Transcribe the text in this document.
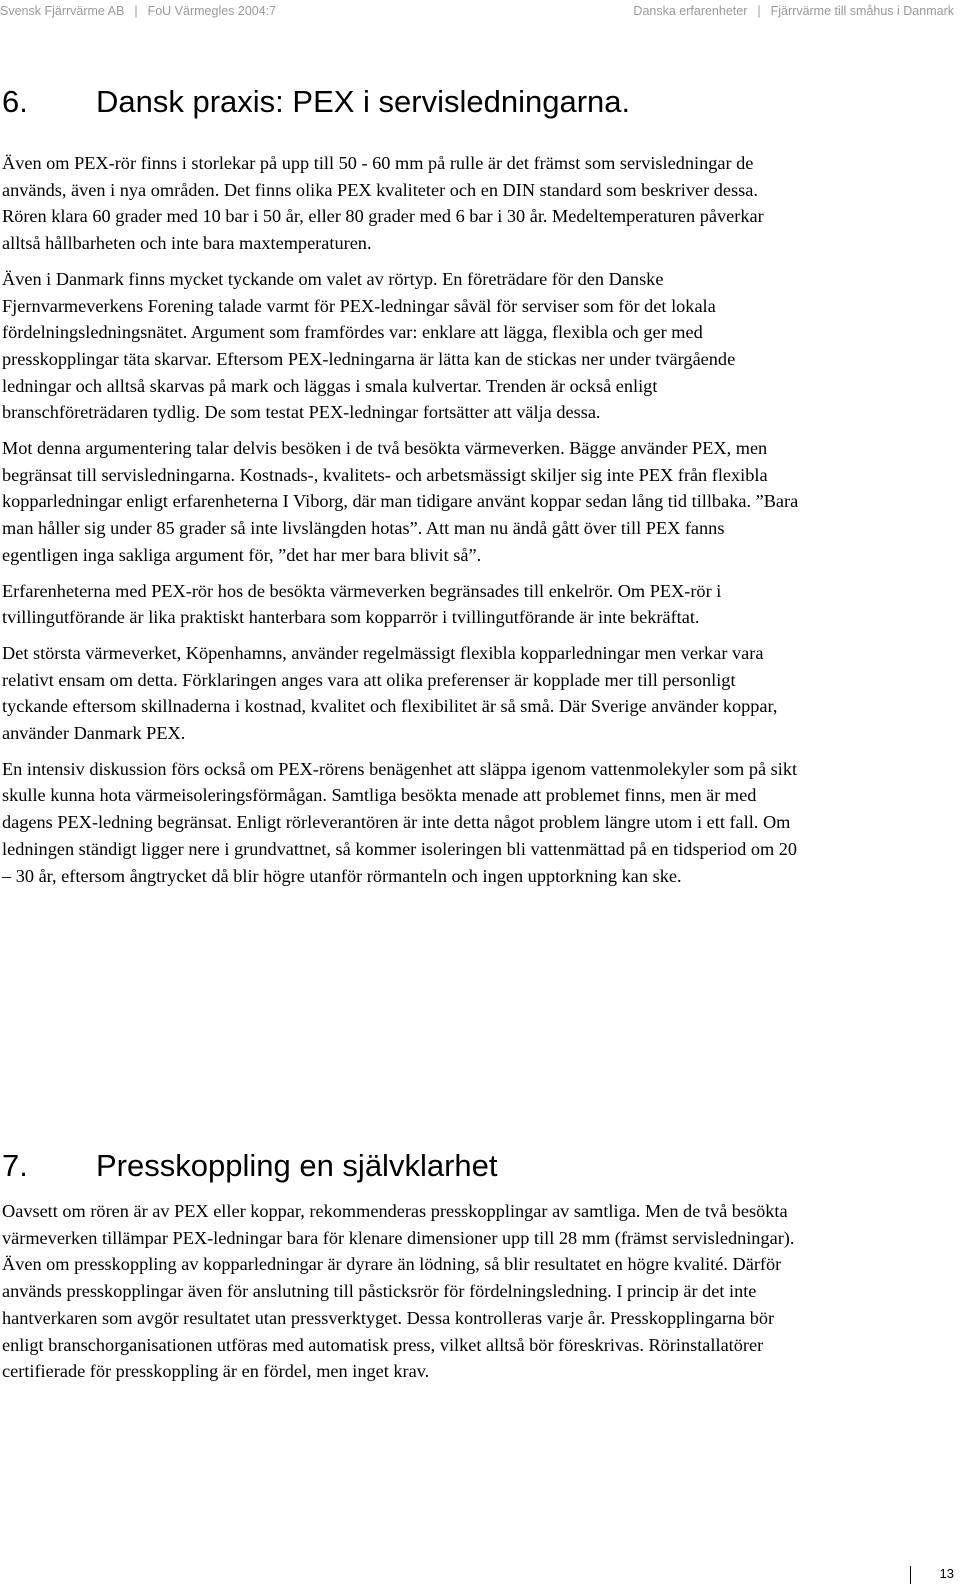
Svensk Fjärrvärme AB | FoU Värmegles 2004:7	Danska erfarenheter | Fjärrvärme till småhus i Danmark
6. Dansk praxis: PEX i servisledningarna.

Även om PEX-rör finns i storlekar på upp till 50 - 60 mm på rulle är det främst som servisledningar de används, även i nya områden. Det finns olika PEX kvaliteter och en DIN standard som beskriver dessa. Rören klara 60 grader med 10 bar i 50 år, eller 80 grader med 6 bar i 30 år. Medeltemperaturen påverkar alltså hållbarheten och inte bara maxtemperaturen.

Även i Danmark finns mycket tyckande om valet av rörtyp. En företrädare för den Danske Fjernvarmeverkens Forening talade varmt för PEX-ledningar såväl för serviser som för det lokala fördelningsledningsnätet. Argument som framfördes var: enklare att lägga, flexibla och ger med presskopplingar täta skarvar. Eftersom PEX-ledningarna är lätta kan de stickas ner under tvärgående ledningar och alltså skarvas på mark och läggas i smala kulvertar. Trenden är också enligt branschföreträdaren tydlig. De som testat PEX-ledningar fortsätter att välja dessa.

Mot denna argumentering talar delvis besöken i de två besökta värmeverken. Bägge använder PEX, men begränsat till servisledningarna. Kostnads-, kvalitets- och arbetsmässigt skiljer sig inte PEX från flexibla kopparledningar enligt erfarenheterna I Viborg, där man tidigare använt koppar sedan lång tid tillbaka. ”Bara man håller sig under 85 grader så inte livslängden hotas”. Att man nu ändå gått över till PEX fanns egentligen inga sakliga argument för, ”det har mer bara blivit så”.

Erfarenheterna med PEX-rör hos de besökta värmeverken begränsades till enkelrör. Om PEX-rör i tvillingutförande är lika praktiskt hanterbara som kopparrör i tvillingutförande är inte bekräftat.

Det största värmeverket, Köpenhamns, använder regelmässigt flexibla kopparledningar men verkar vara relativt ensam om detta. Förklaringen anges vara att olika preferenser är kopplade mer till personligt tyckande eftersom skillnaderna i kostnad, kvalitet och flexibilitet är så små. Där Sverige använder koppar, använder Danmark PEX.

En intensiv diskussion förs också om PEX-rörens benägenhet att släppa igenom vattenmolekyler som på sikt skulle kunna hota värmeisoleringsförmågan. Samtliga besökta menade att problemet finns, men är med dagens PEX-ledning begränsat. Enligt rörleverantören är inte detta något problem längre utom i ett fall. Om ledningen ständigt ligger nere i grundvattnet, så kommer isoleringen bli vattenmättad på en tidsperiod om 20 – 30 år, eftersom ångtrycket då blir högre utanför rörmanteln och ingen upptorkning kan ske.

7. Presskoppling en självklarhet

Oavsett om rören är av PEX eller koppar, rekommenderas presskopplingar av samtliga. Men de två besökta värmeverken tillämpar PEX-ledningar bara för klenare dimensioner upp till 28 mm (främst servisledningar). Även om presskoppling av kopparledningar är dyrare än lödning, så blir resultatet en högre kvalité. Därför används presskopplingar även för anslutning till påsticksrör för fördelningsledning. I princip är det inte hantverkaren som avgör resultatet utan pressverktyget. Dessa kontrolleras varje år. Presskopplingarna bör enligt branschorganisationen utföras med automatisk press, vilket alltså bör föreskrivas. Rörinstallatörer certifierade för presskoppling är en fördel, men inget krav.

13
